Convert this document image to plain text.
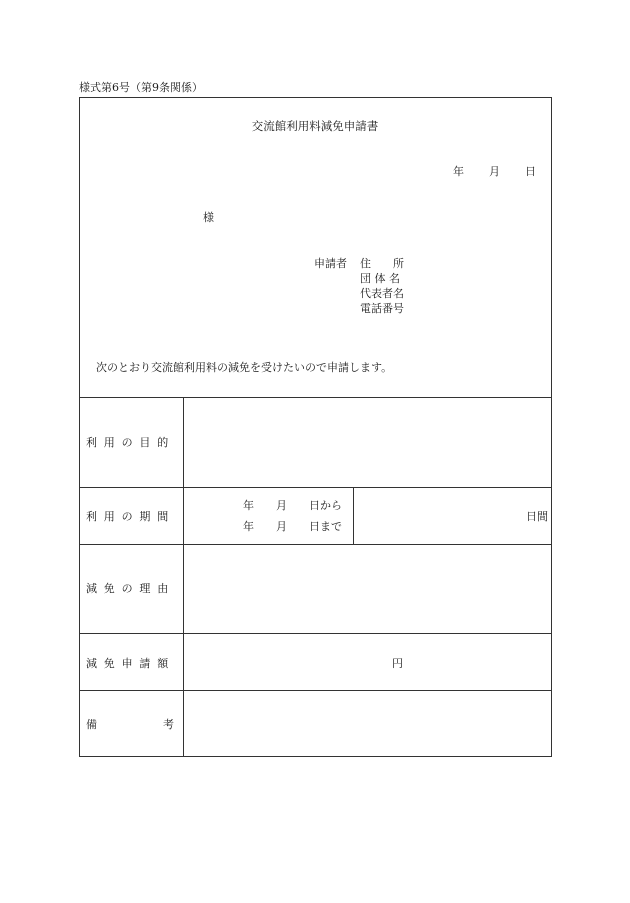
様式第6号（第9条関係）
交流館利用料減免申請書
年 月 日
様
申請者 住　　所
団 体 名
代表者名
電話番号
次のとおり交流館利用料の減免を受けたいので申請します。
利用の目的
利用の期間
年　　月　　日から
年　　月　　日まで
日間
減免の理由
減免申請額	円
備　　　　　　考
